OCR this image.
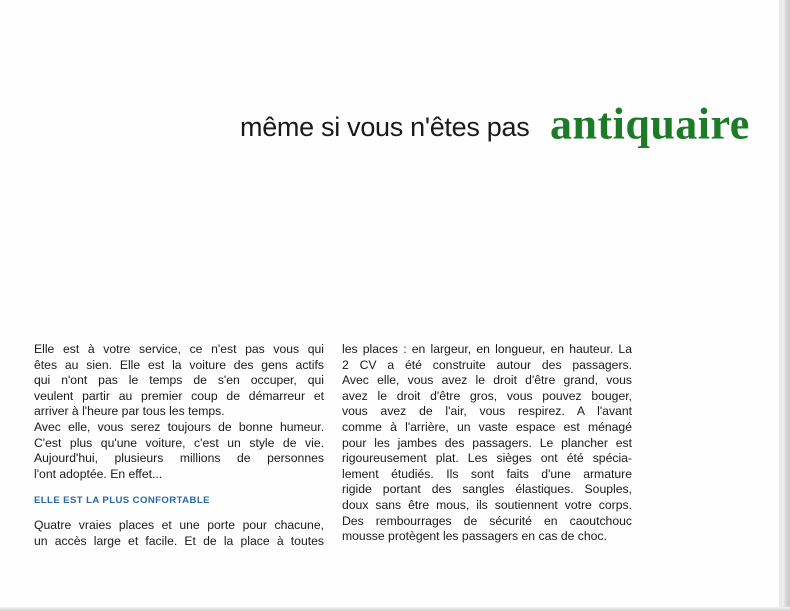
même si vous n'êtes pas antiquaire
Elle est à votre service, ce n'est pas vous qui
êtes au sien. Elle est la voiture des gens actifs
qui n'ont pas le temps de s'en occuper, qui
veulent partir au premier coup de démarreur et
arriver à l'heure par tous les temps.
Avec elle, vous serez toujours de bonne humeur.
C'est plus qu'une voiture, c'est un style de vie.
Aujourd'hui, plusieurs millions de personnes
l'ont adoptée. En effet...
ELLE EST LA PLUS CONFORTABLE
Quatre vraies places et une porte pour chacune,
un accès large et facile. Et de la place à toutes
les places : en largeur, en longueur, en hauteur. La
2 CV a été construite autour des passagers.
Avec elle, vous avez le droit d'être grand, vous
avez le droit d'être gros, vous pouvez bouger,
vous avez de l'air, vous respirez. A l'avant
comme à l'arrière, un vaste espace est ménagé
pour les jambes des passagers. Le plancher est
rigoureusement plat. Les sièges ont été spécia-
lement étudiés. Ils sont faits d'une armature
rigide portant des sangles élastiques. Souples,
doux sans être mous, ils soutiennent votre corps.
Des rembourrages de sécurité en caoutchouc
mousse protègent les passagers en cas de choc.
